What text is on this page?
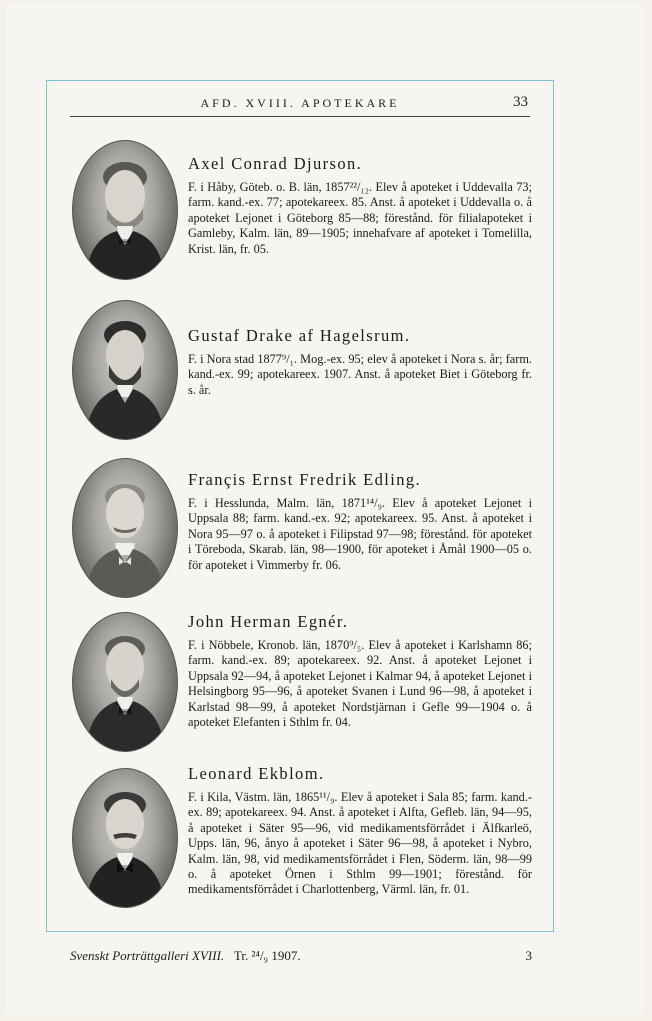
AFD. XVIII. APOTEKARE	33

Axel Conrad Djurson.

F. i Håby, Göteb. o. B. län, 1857²²/₁₂. Elev å apoteket i Uddevalla 73; farm. kand.-ex. 77; apotekareex. 85. Anst. å apoteket i Uddevalla o. å apoteket Lejonet i Göteborg 85—88; förestånd. för filialapoteket i Gamleby, Kalm. län, 89—1905; innehafvare af apoteket i Tomelilla, Krist. län, fr. 05.

Gustaf Drake af Hagelsrum.

F. i Nora stad 1877⁹/₁. Mog.-ex. 95; elev å apoteket i Nora s. år; farm. kand.-ex. 99; apotekareex. 1907. Anst. å apoteket Biet i Göteborg fr. s. år.

Françis Ernst Fredrik Edling.

F. i Hesslunda, Malm. län, 1871¹⁴/₉. Elev å apoteket Lejonet i Uppsala 88; farm. kand.-ex. 92; apotekareex. 95. Anst. å apoteket i Nora 95—97 o. å apoteket i Filipstad 97—98; förestånd. för apoteket i Töreboda, Skarab. län, 98—1900, för apoteket i Åmål 1900—05 o. för apoteket i Vimmerby fr. 06.

John Herman Egnér.

F. i Nöbbele, Kronob. län, 1870⁹/₅. Elev å apoteket i Karlshamn 86; farm. kand.-ex. 89; apotekareex. 92. Anst. å apoteket Lejonet i Uppsala 92—94, å apoteket Lejonet i Kalmar 94, å apoteket Lejonet i Helsingborg 95—96, å apoteket Svanen i Lund 96—98, å apoteket i Karlstad 98—99, å apoteket Nordstjärnan i Gefle 99—1904 o. å apoteket Elefanten i Sthlm fr. 04.

Leonard Ekblom.

F. i Kila, Västm. län, 1865¹¹/₉. Elev å apoteket i Sala 85; farm. kand.-ex. 89; apotekareex. 94. Anst. å apoteket i Alfta, Gefleb. län, 94—95, å apoteket i Säter 95—96, vid medikamentsförrådet i Älfkarleö, Upps. län, 96, ånyo å apoteket i Säter 96—98, å apoteket i Nybro, Kalm. län, 98, vid medikamentsförrådet i Flen, Söderm. län, 98—99 o. å apoteket Örnen i Sthlm 99—1901; förestånd. för medikamentsförrådet i Charlottenberg, Värml. län, fr. 01.

Svenskt Porträttgalleri XVIII. Tr. ²⁴/₉ 1907.	3
